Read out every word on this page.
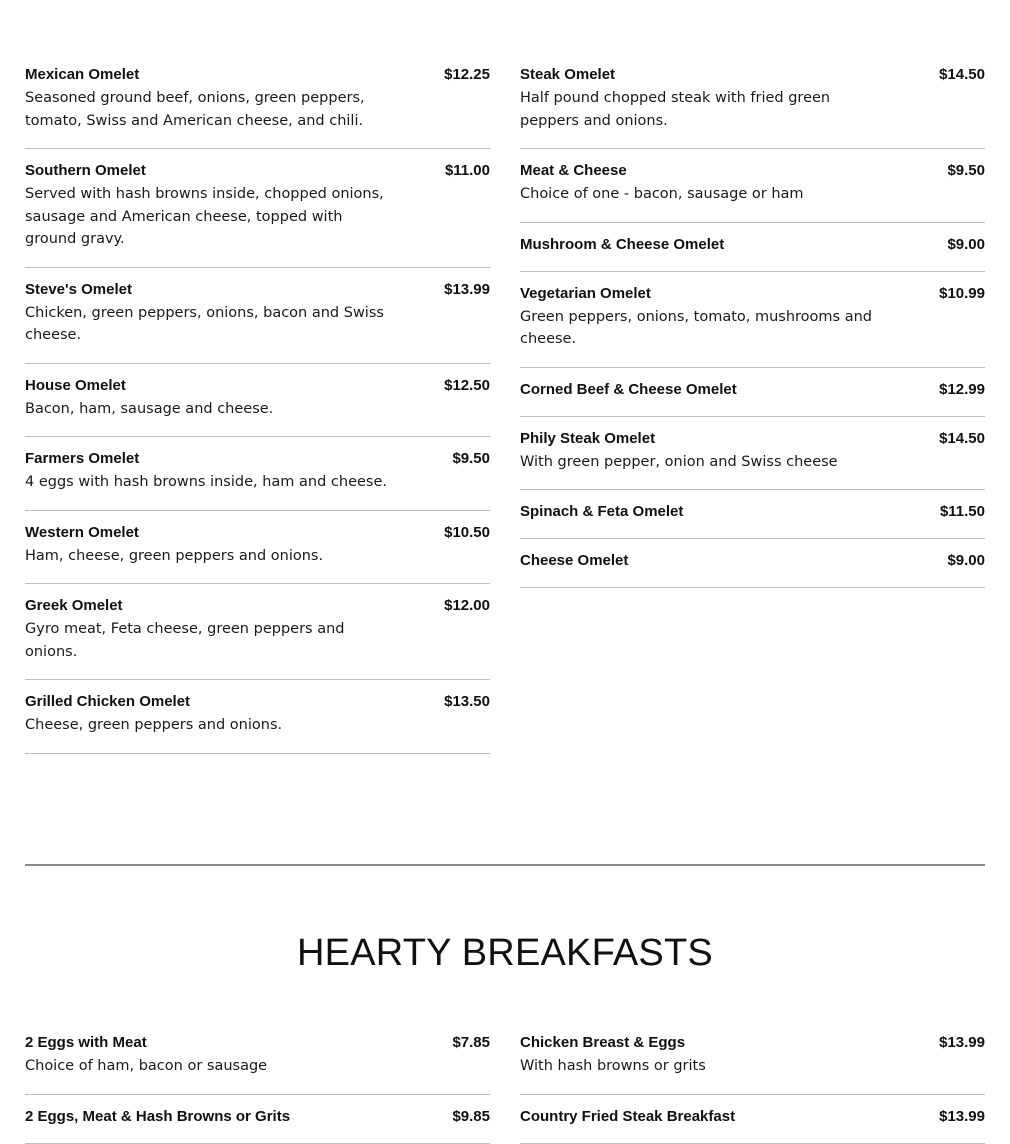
Mexican Omelet
Seasoned ground beef, onions, green peppers, tomato, Swiss and American cheese, and chili.
$12.25
Southern Omelet
Served with hash browns inside, chopped onions, sausage and American cheese, topped with ground gravy.
$11.00
Steve's Omelet
Chicken, green peppers, onions, bacon and Swiss cheese.
$13.99
House Omelet
Bacon, ham, sausage and cheese.
$12.50
Farmers Omelet
4 eggs with hash browns inside, ham and cheese.
$9.50
Western Omelet
Ham, cheese, green peppers and onions.
$10.50
Greek Omelet
Gyro meat, Feta cheese, green peppers and onions.
$12.00
Grilled Chicken Omelet
Cheese, green peppers and onions.
$13.50
Steak Omelet
Half pound chopped steak with fried green peppers and onions.
$14.50
Meat & Cheese
Choice of one - bacon, sausage or ham
$9.50
Mushroom & Cheese Omelet	$9.00
Vegetarian Omelet
Green peppers, onions, tomato, mushrooms and cheese.
$10.99
Corned Beef & Cheese Omelet	$12.99
Phily Steak Omelet
With green pepper, onion and Swiss cheese
$14.50
Spinach & Feta Omelet	$11.50
Cheese Omelet	$9.00
HEARTY BREAKFASTS
2 Eggs with Meat
Choice of ham, bacon or sausage
$7.85
2 Eggs, Meat & Hash Browns or Grits	$9.85
Chicken Breast & Eggs
With hash browns or grits
$13.99
Country Fried Steak Breakfast	$13.99
